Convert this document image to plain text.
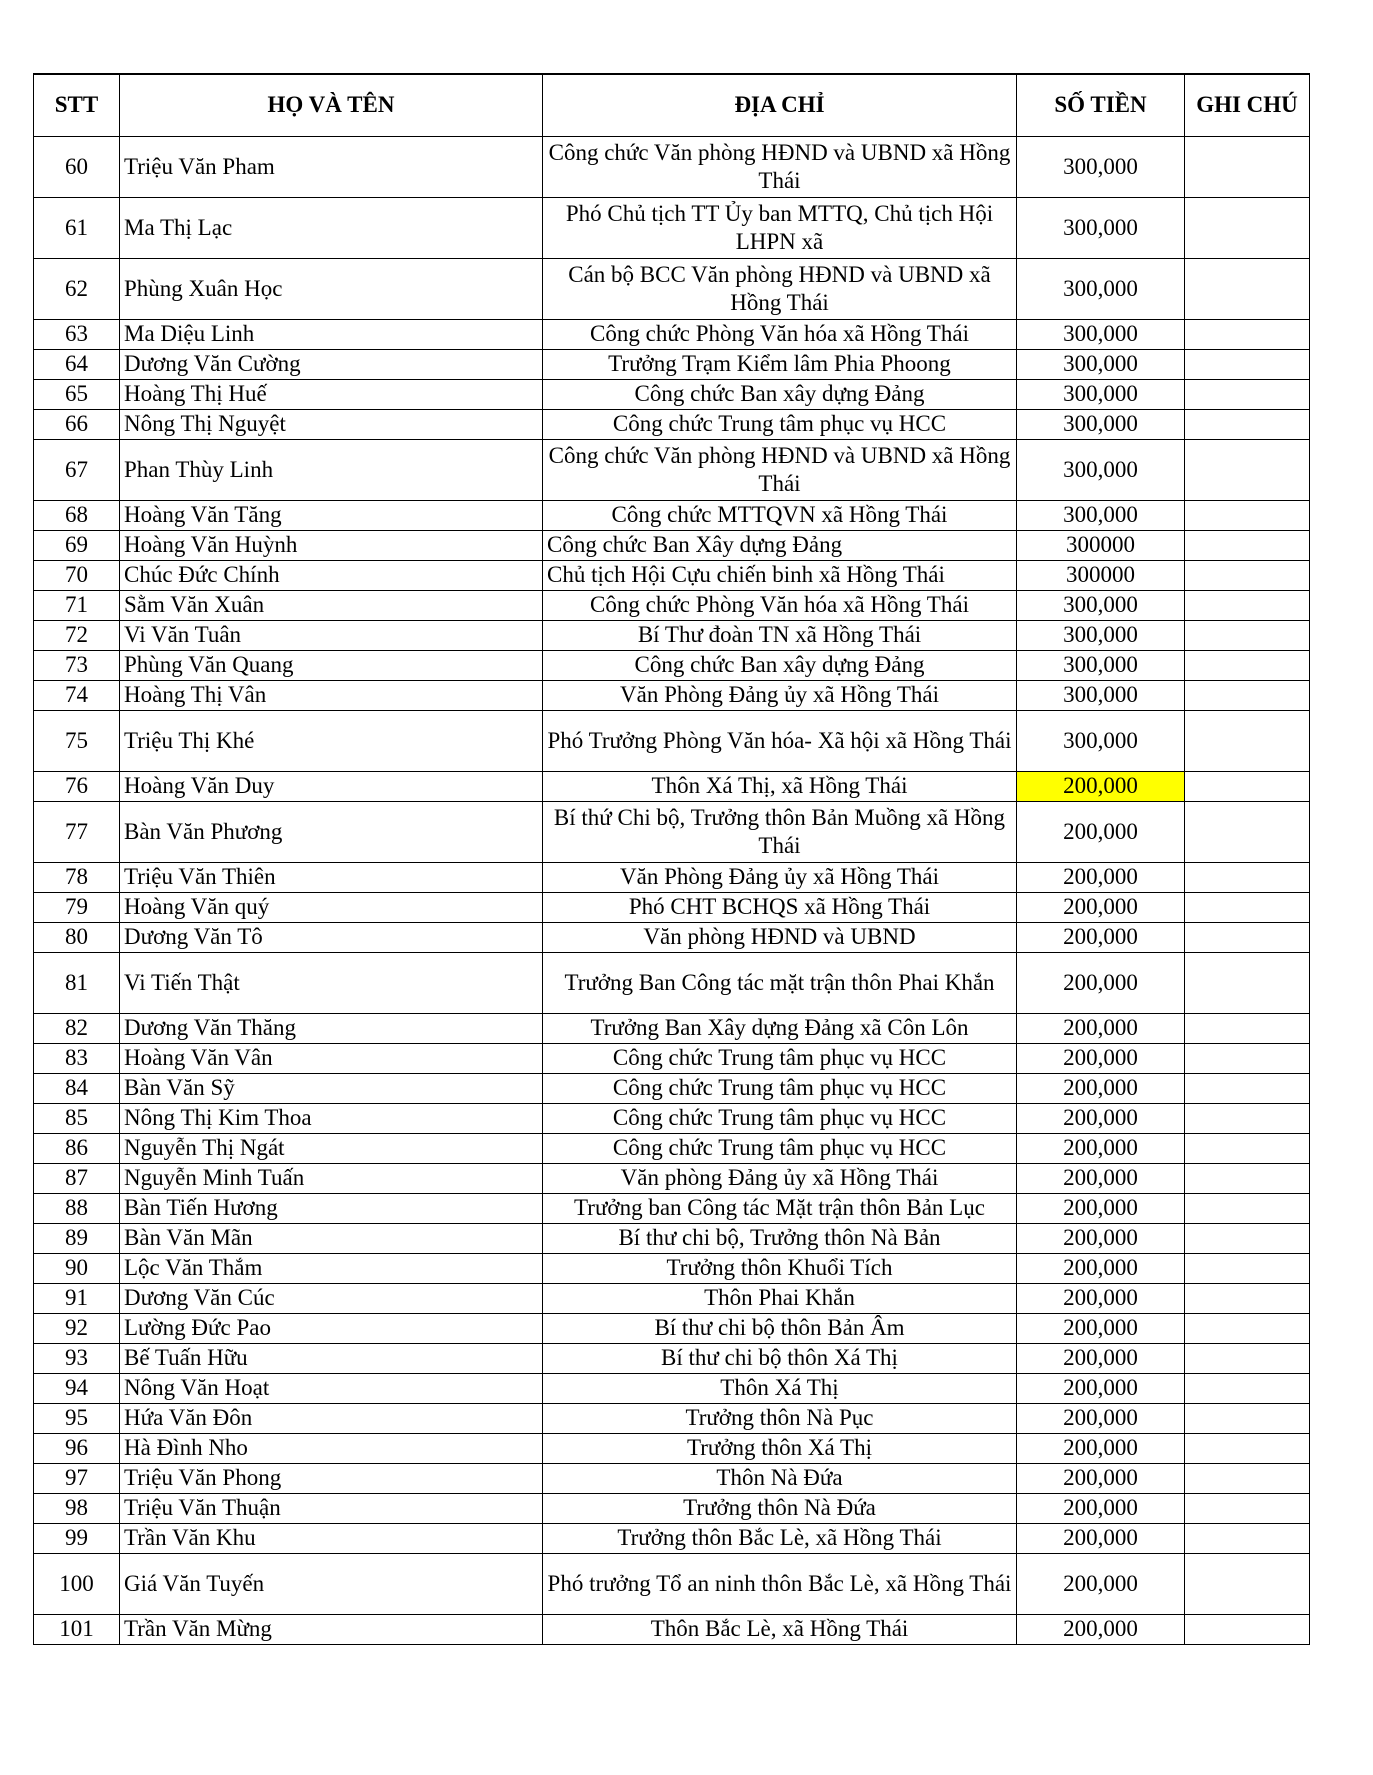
STT	HỌ VÀ TÊN	ĐỊA CHỈ	SỐ TIỀN	GHI CHÚ
60	Triệu Văn Pham	Công chức Văn phòng HĐND và UBND xã Hồng Thái	300,000	
61	Ma Thị Lạc	Phó Chủ tịch TT Ủy ban MTTQ, Chủ tịch Hội LHPN xã	300,000	
62	Phùng Xuân Học	Cán bộ BCC Văn phòng HĐND và UBND xã Hồng Thái	300,000	
63	Ma Diệu Linh	Công chức Phòng Văn hóa xã Hồng Thái	300,000	
64	Dương Văn Cường	Trưởng Trạm Kiểm lâm Phia Phoong	300,000	
65	Hoàng Thị Huế	Công chức Ban xây dựng Đảng	300,000	
66	Nông Thị Nguyệt	Công chức Trung tâm phục vụ HCC	300,000	
67	Phan Thùy Linh	Công chức Văn phòng HĐND và UBND xã Hồng Thái	300,000	
68	Hoàng Văn Tăng	Công chức MTTQVN xã Hồng Thái	300,000	
69	Hoàng Văn Huỳnh	Công chức Ban Xây dựng Đảng	300000	
70	Chúc Đức Chính	Chủ tịch Hội Cựu chiến binh xã Hồng Thái	300000	
71	Sằm Văn Xuân	Công chức Phòng Văn hóa xã Hồng Thái	300,000	
72	Vi Văn Tuân	Bí Thư đoàn TN xã Hồng Thái	300,000	
73	Phùng Văn Quang	Công chức Ban xây dựng Đảng	300,000	
74	Hoàng Thị Vân	Văn Phòng Đảng ủy xã Hồng Thái	300,000	
75	Triệu Thị Khé	Phó Trưởng Phòng Văn hóa- Xã hội xã Hồng Thái	300,000	
76	Hoàng Văn Duy	Thôn Xá Thị, xã Hồng Thái	200,000	
77	Bàn Văn Phương	Bí thứ Chi bộ, Trưởng thôn Bản Muồng xã Hồng Thái	200,000	
78	Triệu Văn Thiên	Văn Phòng Đảng ủy xã Hồng Thái	200,000	
79	Hoàng Văn quý	Phó CHT BCHQS xã Hồng Thái	200,000	
80	Dương Văn Tô	Văn phòng HĐND và UBND	200,000	
81	Vi Tiến Thật	Trưởng Ban Công tác mặt trận thôn Phai Khắn	200,000	
82	Dương Văn Thăng	Trưởng Ban Xây dựng Đảng xã Côn Lôn	200,000	
83	Hoàng Văn Vân	Công chức Trung tâm phục vụ HCC	200,000	
84	Bàn Văn Sỹ	Công chức Trung tâm phục vụ HCC	200,000	
85	Nông Thị Kim Thoa	Công chức Trung tâm phục vụ HCC	200,000	
86	Nguyễn Thị Ngát	Công chức Trung tâm phục vụ HCC	200,000	
87	Nguyễn Minh Tuấn	Văn phòng Đảng ủy xã Hồng Thái	200,000	
88	Bàn Tiến Hương	Trưởng ban Công tác Mặt trận thôn Bản Lục	200,000	
89	Bàn Văn Mãn	Bí thư chi bộ, Trưởng thôn Nà Bản	200,000	
90	Lộc Văn Thắm	Trưởng thôn Khuổi Tích	200,000	
91	Dương Văn Cúc	Thôn Phai Khắn	200,000	
92	Lường Đức Pao	Bí thư chi bộ thôn Bản Âm	200,000	
93	Bế Tuấn Hữu	Bí thư chi bộ thôn Xá Thị	200,000	
94	Nông Văn Hoạt	Thôn Xá Thị	200,000	
95	Hứa Văn Đôn	Trưởng thôn Nà Pục	200,000	
96	Hà Đình Nho	Trưởng thôn Xá Thị	200,000	
97	Triệu Văn Phong	Thôn Nà Đứa	200,000	
98	Triệu Văn Thuận	Trưởng thôn Nà Đứa	200,000	
99	Trần Văn Khu	Trưởng thôn Bắc Lè, xã Hồng Thái	200,000	
100	Giá Văn Tuyến	Phó trưởng Tổ an ninh thôn Bắc Lè, xã Hồng Thái	200,000	
101	Trần Văn Mừng	Thôn Bắc Lè, xã Hồng Thái	200,000	
